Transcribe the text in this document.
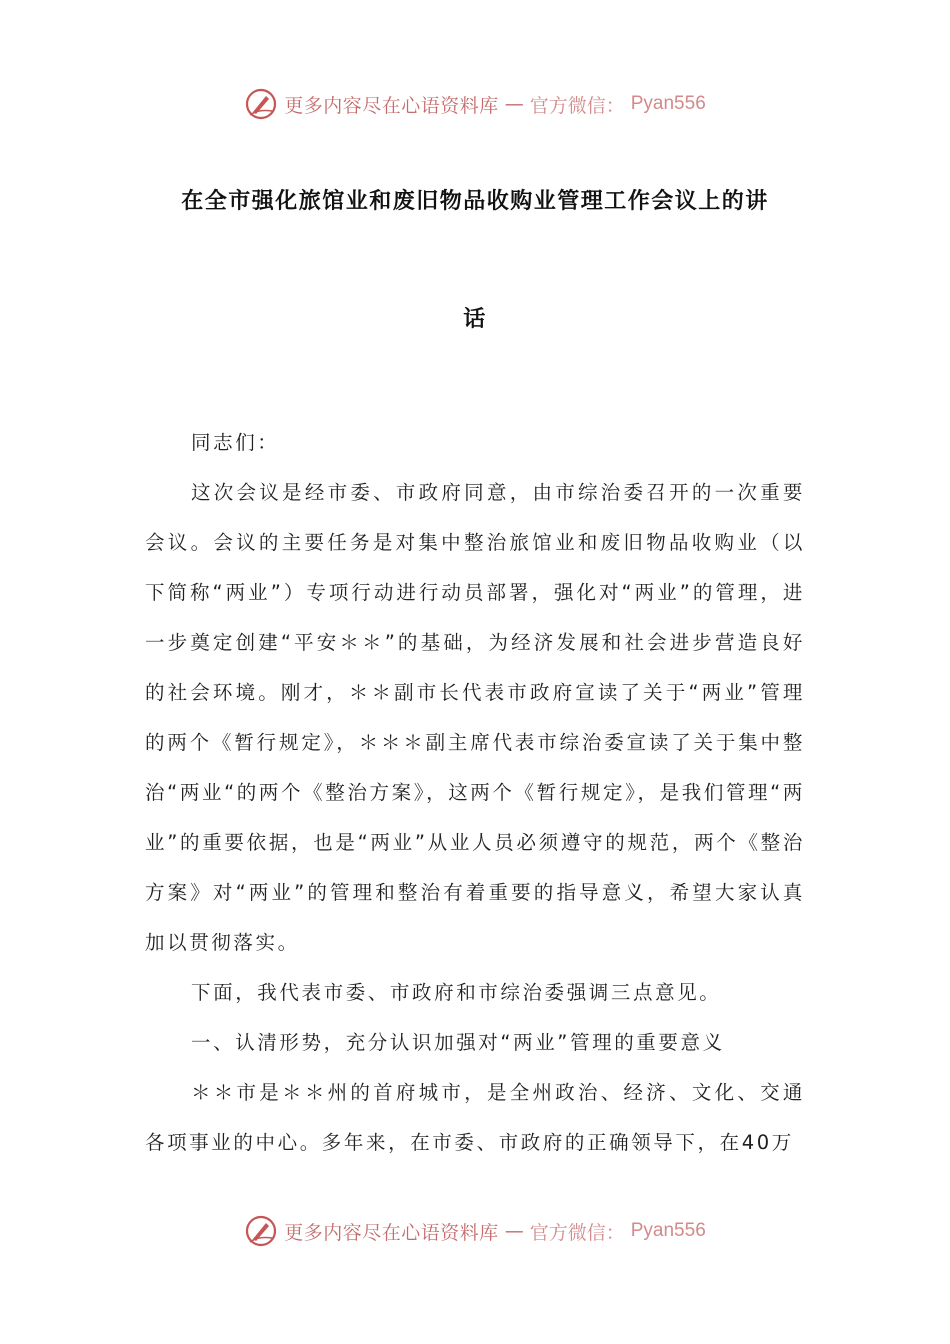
更多内容尽在心语资料库 — 官方微信： Pyan556
在全市强化旅馆业和废旧物品收购业管理工作会议上的讲
话

同志们：

这次会议是经市委、市政府同意，由市综治委召开的一次重要会议。会议的主要任务是对集中整治旅馆业和废旧物品收购业（以下简称“两业”）专项行动进行动员部署，强化对“两业”的管理，进一步奠定创建“平安＊＊”的基础，为经济发展和社会进步营造良好的社会环境。刚才，＊＊副市长代表市政府宣读了关于“两业”管理的两个《暂行规定》，＊＊＊副主席代表市综治委宣读了关于集中整治“两业“的两个《整治方案》，这两个《暂行规定》，是我们管理“两业”的重要依据，也是“两业”从业人员必须遵守的规范，两个《整治方案》对“两业”的管理和整治有着重要的指导意义，希望大家认真加以贯彻落实。

下面，我代表市委、市政府和市综治委强调三点意见。

一、认清形势，充分认识加强对“两业”管理的重要意义

＊＊市是＊＊州的首府城市，是全州政治、经济、文化、交通各项事业的中心。多年来，在市委、市政府的正确领导下，在40万

更多内容尽在心语资料库 — 官方微信： Pyan556
